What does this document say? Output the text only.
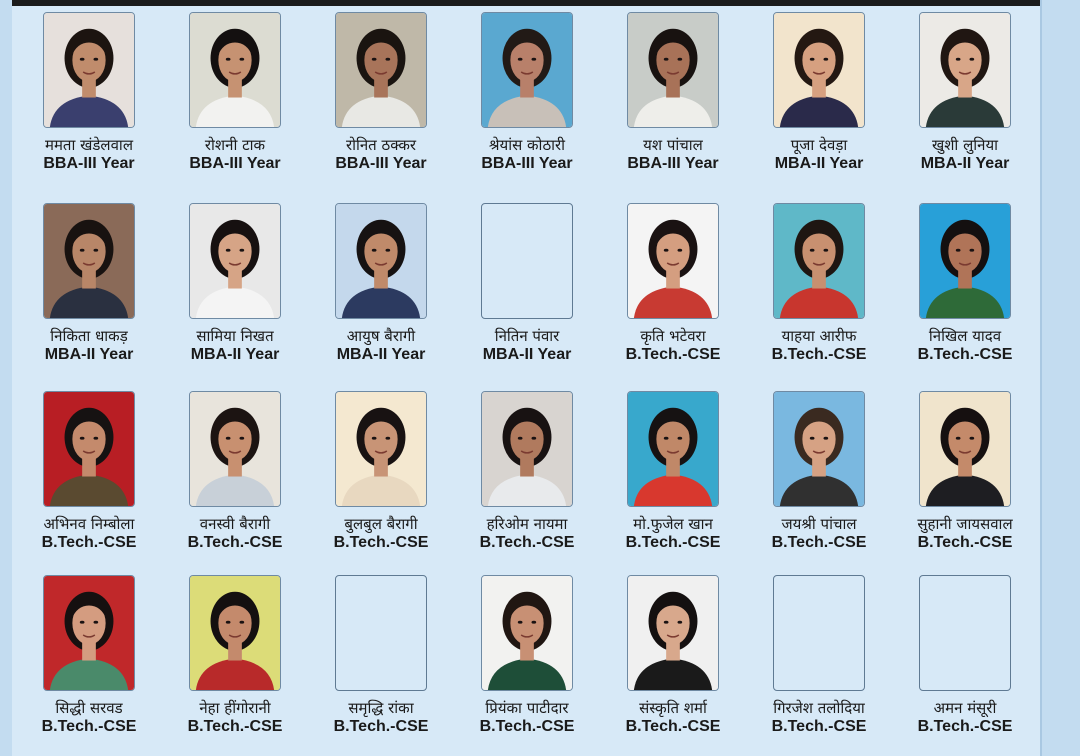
ममता खंडेलवाल
BBA-III Year
रोशनी टाक
BBA-III Year
रोनित ठक्कर
BBA-III Year
श्रेयांस कोठारी
BBA-III Year
यश पांचाल
BBA-III Year
पूजा देवड़ा
MBA-II Year
खुशी लुनिया
MBA-II Year
निकिता धाकड़
MBA-II Year
सामिया निखत
MBA-II Year
आयुष बैरागी
MBA-II Year
नितिन पंवार
MBA-II Year
कृति भटेवरा
B.Tech.-CSE
याहया आरीफ
B.Tech.-CSE
निखिल यादव
B.Tech.-CSE
अभिनव निम्बोला
B.Tech.-CSE
वनस्वी बैरागी
B.Tech.-CSE
बुलबुल बैरागी
B.Tech.-CSE
हरिओम नायमा
B.Tech.-CSE
मो.फुजेल खान
B.Tech.-CSE
जयश्री पांचाल
B.Tech.-CSE
सुहानी जायसवाल
B.Tech.-CSE
सिद्धी सरवड
B.Tech.-CSE
नेहा हींगोरानी
B.Tech.-CSE
समृद्धि रांका
B.Tech.-CSE
प्रियंका पाटीदार
B.Tech.-CSE
संस्कृति शर्मा
B.Tech.-CSE
गिरजेश तलोदिया
B.Tech.-CSE
अमन मंसूरी
B.Tech.-CSE
